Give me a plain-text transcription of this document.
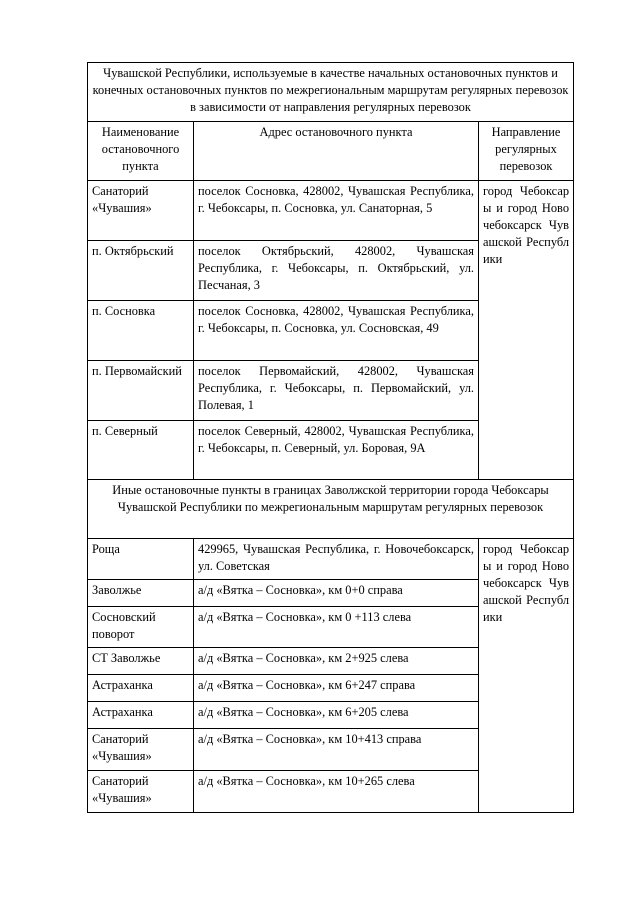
Чувашской Республики, используемые в качестве начальных остановочных пунктов и конечных остановочных пунктов по межрегиональным маршрутам регулярных перевозок в зависимости от направления регулярных перевозок		
Наименование остановочного пункта	Адрес остановочного пункта	Направление регулярных перевозок
Санаторий «Чувашия»	поселок Сосновка, 428002, Чувашская Республика, г. Чебоксары, п. Сосновка, ул. Санаторная, 5	город Чебоксары и город Новочебоксарск Чувашской Республики
п. Октябрьский	поселок Октябрьский, 428002, Чувашская Республика, г. Чебоксары, п. Октябрьский, ул. Песчаная, 3	
п. Сосновка	поселок Сосновка, 428002, Чувашская Республика, г. Чебоксары, п. Сосновка, ул. Сосновская, 49	
п. Первомайский	поселок Первомайский, 428002, Чувашская Республика, г. Чебоксары, п. Первомайский, ул. Полевая, 1	
п. Северный	поселок Северный, 428002, Чувашская Республика, г. Чебоксары, п. Северный, ул. Боровая, 9А	
Иные остановочные пункты в границах Заволжской территории города Чебоксары Чувашской Республики по межрегиональным маршрутам регулярных перевозок		
Роща	429965, Чувашская Республика, г. Новочебоксарск, ул. Советская	город Чебоксары и город Новочебоксарск Чувашской Республики
Заволжье	а/д «Вятка – Сосновка», км 0+0 справа	
Сосновский поворот	а/д «Вятка – Сосновка», км 0 +113 слева	
СТ Заволжье	а/д «Вятка – Сосновка», км 2+925 слева	
Астраханка	а/д «Вятка – Сосновка», км 6+247 справа	
Астраханка	а/д «Вятка – Сосновка», км 6+205 слева	
Санаторий «Чувашия»	а/д «Вятка – Сосновка», км 10+413 справа	
Санаторий «Чувашия»	а/д «Вятка – Сосновка», км 10+265 слева	
